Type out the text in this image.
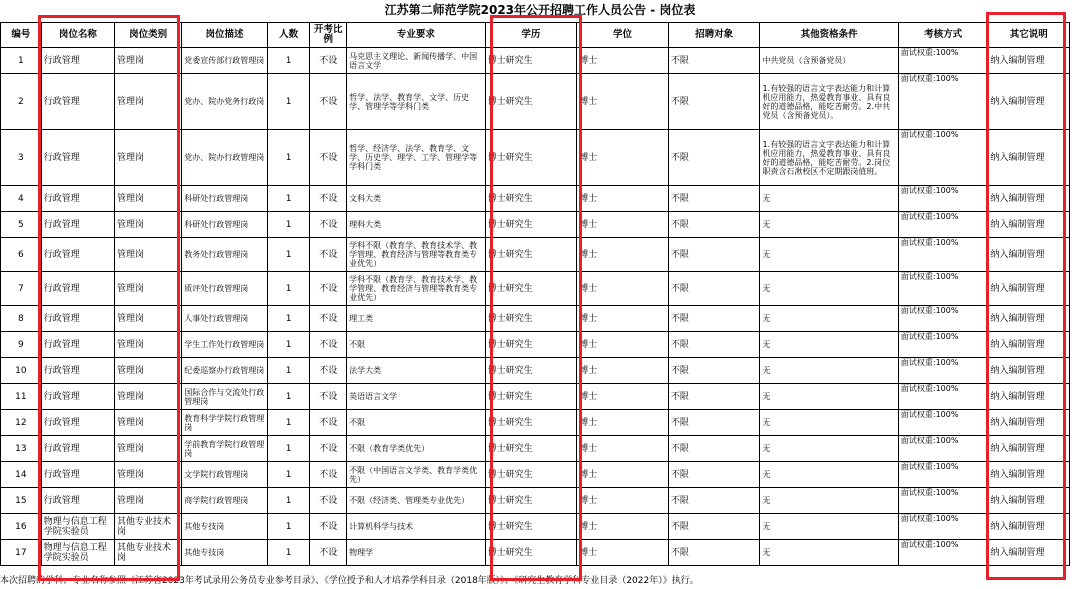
江苏第二师范学院2023年公开招聘工作人员公告 - 岗位表
编号	岗位名称	岗位类别	岗位描述	人数	开考比例	专业要求	学历	学位	招聘对象	其他资格条件	考核方式	其它说明
1	行政管理	管理岗	党委宣传部行政管理岗	1	不设	马克思主义理论、新闻传播学、中国语言文学	博士研究生	博士	不限	中共党员（含预备党员）	面试权重:100%	纳入编制管理
2	行政管理	管理岗	党办、院办党务行政岗	1	不设	哲学、法学、教育学、文学、历史学、管理学等学科门类	博士研究生	博士	不限	1.有较强的语言文字表达能力和计算机应用能力，热爱教育事业、具有良好的道德品格，能吃苦耐劳。2.中共党员（含预备党员）。	面试权重:100%	纳入编制管理
3	行政管理	管理岗	党办、院办行政管理岗	1	不设	哲学、经济学、法学、教育学、文学、历史学、理学、工学、管理学等学科门类	博士研究生	博士	不限	1.有较强的语言文字表达能力和计算机应用能力，热爱教育事业、具有良好的道德品格，能吃苦耐劳。2.岗位职责含石湫校区不定期跟岗值班。	面试权重:100%	纳入编制管理
4	行政管理	管理岗	科研处行政管理岗	1	不设	文科大类	博士研究生	博士	不限	无	面试权重:100%	纳入编制管理
5	行政管理	管理岗	科研处行政管理岗	1	不设	理科大类	博士研究生	博士	不限	无	面试权重:100%	纳入编制管理
6	行政管理	管理岗	教务处行政管理岗	1	不设	学科不限（教育学、教育技术学、教学管理、教育经济与管理等教育类专业优先）	博士研究生	博士	不限	无	面试权重:100%	纳入编制管理
7	行政管理	管理岗	质评处行政管理岗	1	不设	学科不限（教育学、教育技术学、教学管理、教育经济与管理等教育类专业优先）	博士研究生	博士	不限	无	面试权重:100%	纳入编制管理
8	行政管理	管理岗	人事处行政管理岗	1	不设	理工类	博士研究生	博士	不限	无	面试权重:100%	纳入编制管理
9	行政管理	管理岗	学生工作处行政管理岗	1	不设	不限	博士研究生	博士	不限	无	面试权重:100%	纳入编制管理
10	行政管理	管理岗	纪委巡察办行政管理岗	1	不设	法学大类	博士研究生	博士	不限	无	面试权重:100%	纳入编制管理
11	行政管理	管理岗	国际合作与交流处行政管理岗	1	不设	英语语言文学	博士研究生	博士	不限	无	面试权重:100%	纳入编制管理
12	行政管理	管理岗	教育科学学院行政管理岗	1	不设	不限	博士研究生	博士	不限	无	面试权重:100%	纳入编制管理
13	行政管理	管理岗	学前教育学院行政管理岗	1	不设	不限（教育学类优先）	博士研究生	博士	不限	无	面试权重:100%	纳入编制管理
14	行政管理	管理岗	文学院行政管理岗	1	不设	不限（中国语言文学类、教育学类优先）	博士研究生	博士	不限	无	面试权重:100%	纳入编制管理
15	行政管理	管理岗	商学院行政管理岗	1	不设	不限（经济类、管理类专业优先）	博士研究生	博士	不限	无	面试权重:100%	纳入编制管理
16	物理与信息工程学院实验员	其他专业技术岗	其他专技岗	1	不设	计算机科学与技术	博士研究生	博士	不限	无	面试权重:100%	纳入编制管理
17	物理与信息工程学院实验员	其他专业技术岗	其他专技岗	1	不设	物理学	博士研究生	博士	不限	无	面试权重:100%	纳入编制管理
本次招聘的学科、专业名称参照《江苏省2023年考试录用公务员专业参考目录》、《学位授予和人才培养学科目录（2018年版）》、《研究生教育学科专业目录（2022年）》执行。
